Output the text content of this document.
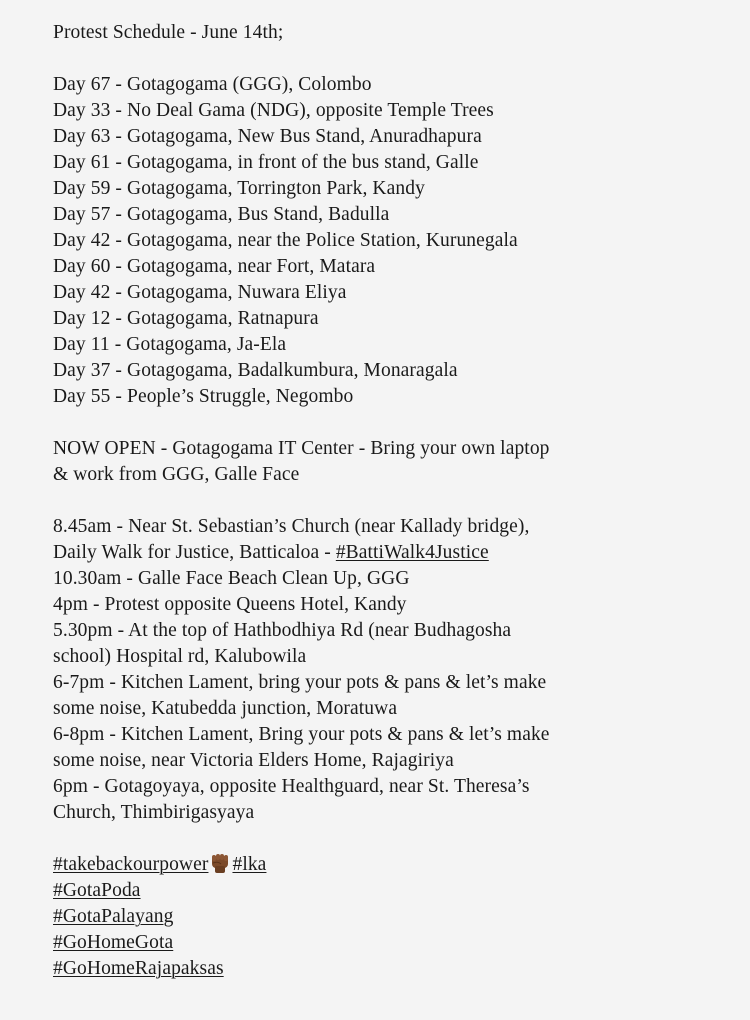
Protest Schedule - June 14th;
Day 67 - Gotagogama (GGG), Colombo
Day 33 - No Deal Gama (NDG), opposite Temple Trees
Day 63 - Gotagogama, New Bus Stand, Anuradhapura
Day 61 - Gotagogama, in front of the bus stand, Galle
Day 59 - Gotagogama, Torrington Park, Kandy
Day 57 - Gotagogama, Bus Stand, Badulla
Day 42 - Gotagogama, near the Police Station, Kurunegala
Day 60 - Gotagogama, near Fort, Matara
Day 42 - Gotagogama, Nuwara Eliya
Day 12 - Gotagogama, Ratnapura
Day 11 - Gotagogama, Ja-Ela
Day 37 - Gotagogama, Badalkumbura, Monaragala
Day 55 - People’s Struggle, Negombo
NOW OPEN - Gotagogama IT Center - Bring your own laptop
& work from GGG, Galle Face
8.45am - Near St. Sebastian’s Church (near Kallady bridge),
Daily Walk for Justice, Batticaloa - #BattiWalk4Justice
10.30am - Galle Face Beach Clean Up, GGG
4pm - Protest opposite Queens Hotel, Kandy
5.30pm - At the top of Hathbodhiya Rd (near Budhagosha
school) Hospital rd, Kalubowila
6-7pm - Kitchen Lament, bring your pots & pans & let’s make
some noise, Katubedda junction, Moratuwa
6-8pm - Kitchen Lament, Bring your pots & pans & let’s make
some noise, near Victoria Elders Home, Rajagiriya
6pm - Gotagoyaya, opposite Healthguard, near St. Theresa’s
Church, Thimbirigasyaya
#takebackourpower #lka
#GotaPoda
#GotaPalayang
#GoHomeGota
#GoHomeRajapaksas
